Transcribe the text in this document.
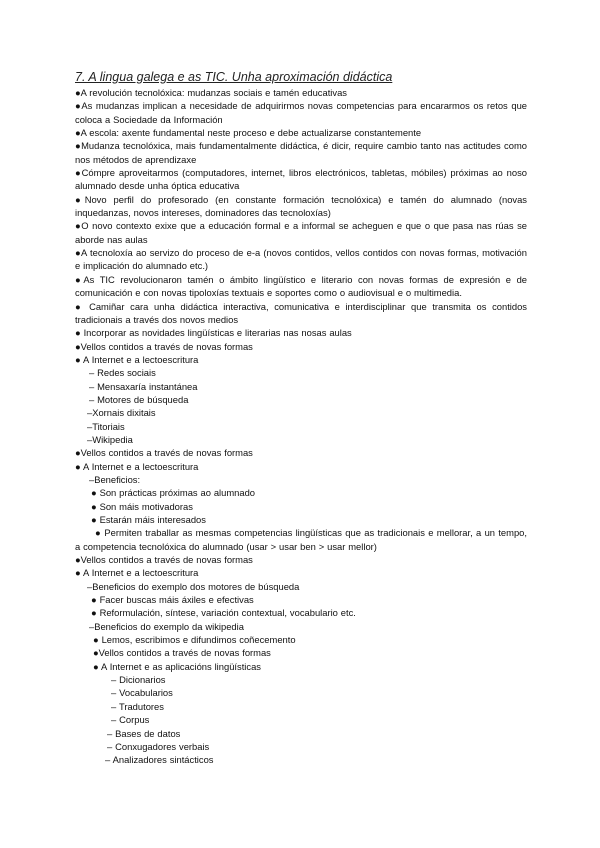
7. A lingua galega e as TIC. Unha aproximación didáctica

●A revolución tecnolóxica: mudanzas sociais e tamén educativas

●As mudanzas implican a necesidade de adquirirmos novas competencias para encararmos os retos que coloca a Sociedade da Información

●A escola: axente fundamental neste proceso e debe actualizarse constantemente

●Mudanza tecnolóxica, mais fundamentalmente didáctica, é dicir, require cambio tanto nas actitudes como nos métodos de aprendizaxe

●Cómpre aproveitarmos (computadores, internet, libros electrónicos, tabletas, móbiles) próximas ao noso alumnado desde unha óptica educativa

●Novo perfil do profesorado (en constante formación tecnolóxica) e tamén do alumnado (novas inquedanzas, novos intereses, dominadores das tecnoloxías)

●O novo contexto exixe que a educación formal e a informal se acheguen e que o que pasa nas rúas se aborde nas aulas

●A tecnoloxía ao servizo do proceso de e-a (novos contidos, vellos contidos con novas formas, motivación e implicación do alumnado etc.)

●As TIC revolucionaron tamén o ámbito lingüístico e literario con novas formas de expresión e de comunicación e con novas tipoloxías textuais e soportes como o audiovisual e o multimedia.

● Camiñar cara unha didáctica interactiva, comunicativa e interdisciplinar que transmita os contidos tradicionais a través dos novos medios

● Incorporar as novidades lingüísticas e literarias nas nosas aulas

●Vellos contidos a través de novas formas

● A Internet e a lectoescritura

– Redes sociais

– Mensaxaría instantánea

– Motores de búsqueda

–Xornais dixitais

–Titoriais

–Wikipedia

●Vellos contidos a través de novas formas

● A Internet e a lectoescritura

–Beneficios:

● Son prácticas próximas ao alumnado

● Son máis motivadoras

● Estarán máis interesados

● Permiten traballar as mesmas competencias lingüísticas que as tradicionais e mellorar, a un tempo, a competencia tecnolóxica do alumnado (usar > usar ben > usar mellor)

●Vellos contidos a través de novas formas

● A Internet e a lectoescritura

–Beneficios do exemplo dos motores de búsqueda

● Facer buscas máis áxiles e efectivas

● Reformulación, síntese, variación contextual, vocabulario etc.

–Beneficios do exemplo da wikipedia

● Lemos, escribimos e difundimos coñecemento

●Vellos contidos a través de novas formas

● A Internet e as aplicacións lingüísticas

– Dicionarios

– Vocabularios

– Tradutores

– Corpus

– Bases de datos

– Conxugadores verbais

– Analizadores sintácticos
